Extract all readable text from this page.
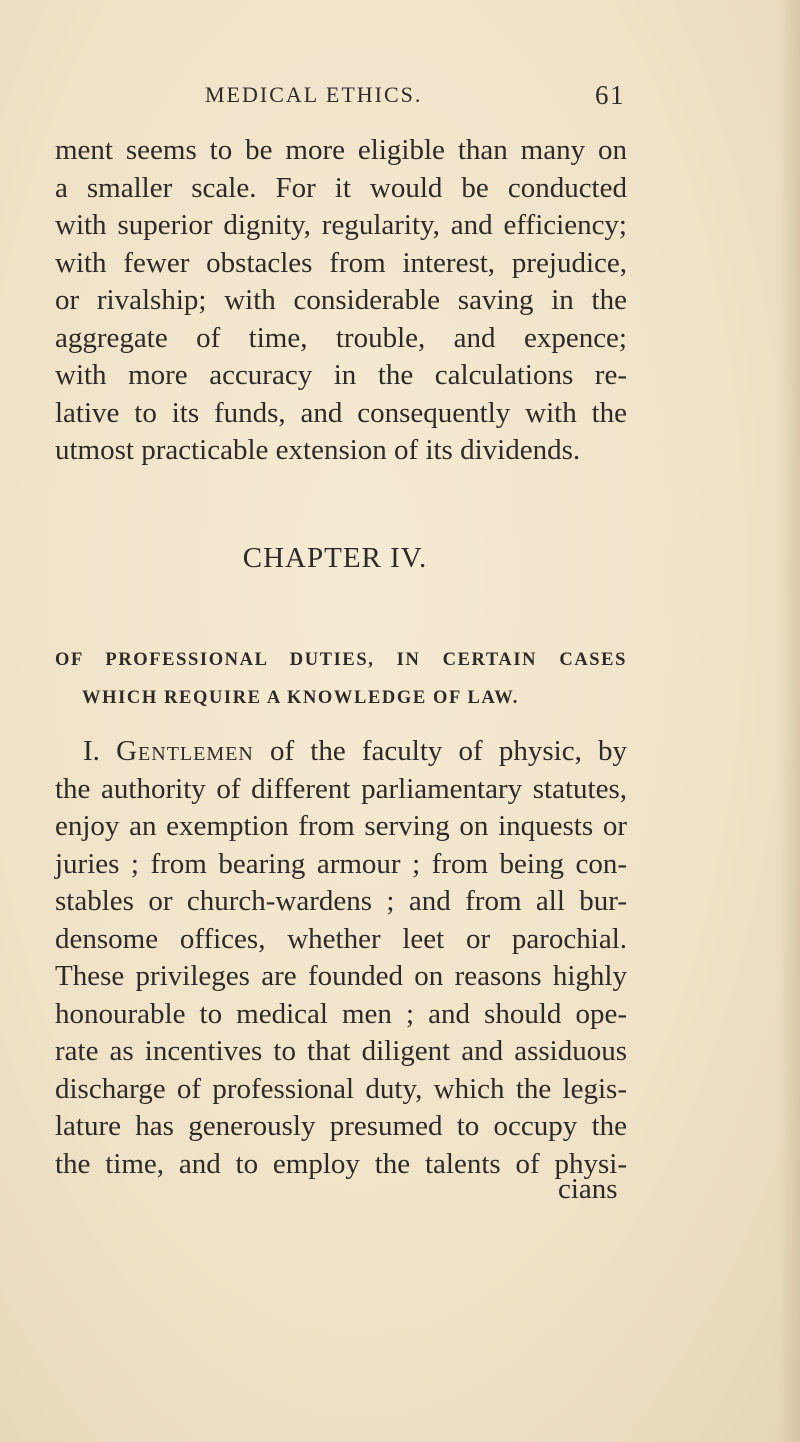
MEDICAL ETHICS.	61
ment seems to be more eligible than many on
a smaller scale. For it would be conducted
with superior dignity, regularity, and efficiency;
with fewer obstacles from interest, prejudice,
or rivalship; with considerable saving in the
aggregate of time, trouble, and expence;
with more accuracy in the calculations re-
lative to its funds, and consequently with the
utmost practicable extension of its dividends.
CHAPTER IV.
OF PROFESSIONAL DUTIES, IN CERTAIN CASES
WHICH REQUIRE A KNOWLEDGE OF LAW.
I. Gentlemen of the faculty of physic, by
the authority of different parliamentary statutes,
enjoy an exemption from serving on inquests or
juries ; from bearing armour ; from being con-
stables or church-wardens ; and from all bur-
densome offices, whether leet or parochial.
These privileges are founded on reasons highly
honourable to medical men ; and should ope-
rate as incentives to that diligent and assiduous
discharge of professional duty, which the legis-
lature has generously presumed to occupy the
the time, and to employ the talents of physi-
cians
